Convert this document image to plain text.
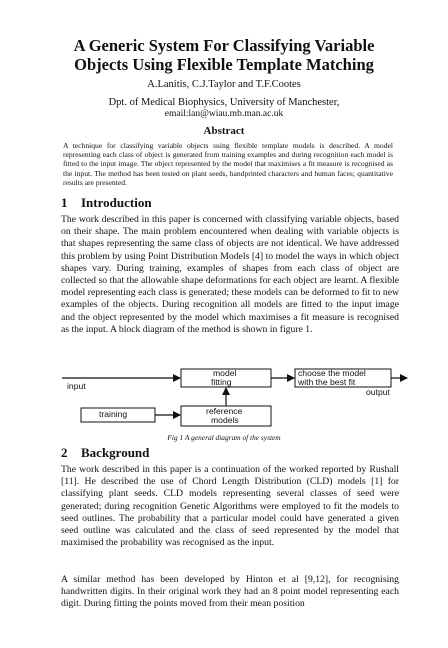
A Generic System For Classifying Variable
Objects Using Flexible Template Matching
A.Lanitis, C.J.Taylor and T.F.Cootes
Dpt. of Medical Biophysics, University of Manchester,
email:lan@wiau.mb.man.ac.uk
Abstract

A technique for classifying variable objects using flexible template models is described. A model representing each class of object is generated from training examples and during recognition each model is fitted to the input image. The object represented by the model that maximises a fit measure is recognised as the input. The method has been tested on plant seeds, handprinted characters and human faces; quantitative results are presented.

1 Introduction

The work described in this paper is concerned with classifying variable objects, based on their shape. The main problem encountered when dealing with variable objects is that shapes representing the same class of objects are not identical. We have addressed this problem by using Point Distribution Models [4] to model the ways in which object shapes vary. During training, examples of shapes from each class of object are collected so that the allowable shape deformations for each object are learnt. A flexible model representing each class is generated; these models can be deformed to fit to new examples of the objects. During recognition all models are fitted to the input image and the object represented by the model which maximises a fit measure is recognised as the input. A block diagram of the method is shown in figure 1.

input
model
fitting
choose the model
with the best fit
output
training	reference
models
Fig 1 A general diagram of the system
2 Background

The work described in this paper is a continuation of the worked reported by Rushall [11]. He described the use of Chord Length Distribution (CLD) models [1] for classifying plant seeds. CLD models representing several classes of seed were generated; during recognition Genetic Algorithms were employed to fit the models to seed outlines. The probability that a particular model could have generated a given seed outline was calculated and the class of seed represented by the model that maximised the probability was recognised as the input.

A similar method has been developed by Hinton et al [9,12], for recognising handwritten digits. In their original work they had an 8 point model representing each digit. During fitting the points moved from their mean position
